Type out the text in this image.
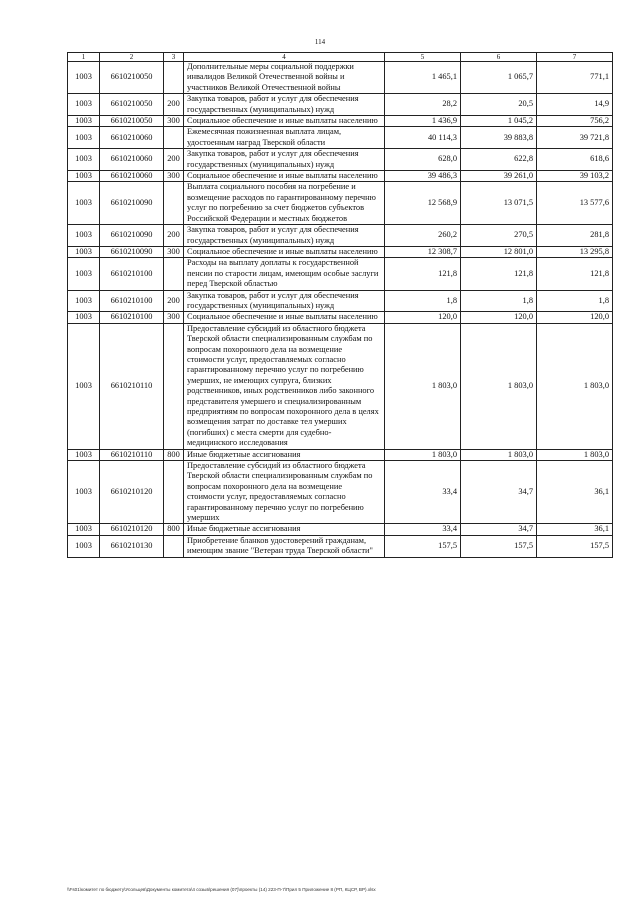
114
1	2	3	4	5	6	7
1003	6610210050		Дополнительные меры социальной поддержки инвалидов Великой Отечественной войны и участников Великой Отечественной войны	1 465,1	1 065,7	771,1
1003	6610210050	200	Закупка товаров, работ и услуг для обеспечения государственных (муниципальных) нужд	28,2	20,5	14,9
1003	6610210050	300	Социальное обеспечение и иные выплаты населению	1 436,9	1 045,2	756,2
1003	6610210060		Ежемесячная пожизненная выплата лицам, удостоенным наград Тверской области	40 114,3	39 883,8	39 721,8
1003	6610210060	200	Закупка товаров, работ и услуг для обеспечения государственных (муниципальных) нужд	628,0	622,8	618,6
1003	6610210060	300	Социальное обеспечение и иные выплаты населению	39 486,3	39 261,0	39 103,2
1003	6610210090		Выплата социального пособия на погребение и возмещение расходов по гарантированному перечню услуг по погребению за счет бюджетов субъектов Российской Федерации и местных бюджетов	12 568,9	13 071,5	13 577,6
1003	6610210090	200	Закупка товаров, работ и услуг для обеспечения государственных (муниципальных) нужд	260,2	270,5	281,8
1003	6610210090	300	Социальное обеспечение и иные выплаты населению	12 308,7	12 801,0	13 295,8
1003	6610210100		Расходы на выплату доплаты к государственной пенсии по старости лицам, имеющим особые заслуги перед Тверской областью	121,8	121,8	121,8
1003	6610210100	200	Закупка товаров, работ и услуг для обеспечения государственных (муниципальных) нужд	1,8	1,8	1,8
1003	6610210100	300	Социальное обеспечение и иные выплаты населению	120,0	120,0	120,0
1003	6610210110		Предоставление субсидий из областного бюджета Тверской области специализированным службам по вопросам похоронного дела на возмещение стоимости услуг, предоставляемых согласно гарантированному перечню услуг по погребению умерших, не имеющих супруга, близких родственников, иных родственников либо законного представителя умершего и специализированным предприятиям по вопросам похоронного дела в целях возмещения затрат по доставке тел умерших (погибших) с места смерти для судебно-медицинского исследования	1 803,0	1 803,0	1 803,0
1003	6610210110	800	Иные бюджетные ассигнования	1 803,0	1 803,0	1 803,0
1003	6610210120		Предоставление субсидий из областного бюджета Тверской области специализированным службам по вопросам похоронного дела на возмещение стоимости услуг, предоставляемых согласно гарантированному перечню услуг по погребению умерших	33,4	34,7	36,1
1003	6610210120	800	Иные бюджетные ассигнования	33,4	34,7	36,1
1003	6610210130		Приобретение бланков удостоверений гражданам, имеющим звание "Ветеран труда Тверской области"	157,5	157,5	157,5
\\Fs01\комитет по бюджету\Усольцев\Документы комитета\4 созыв\решения (07)\проекты (14) 223-П-7\Прил 5 Приложение 8 (РП, КЦСР, ВР).xlsx
